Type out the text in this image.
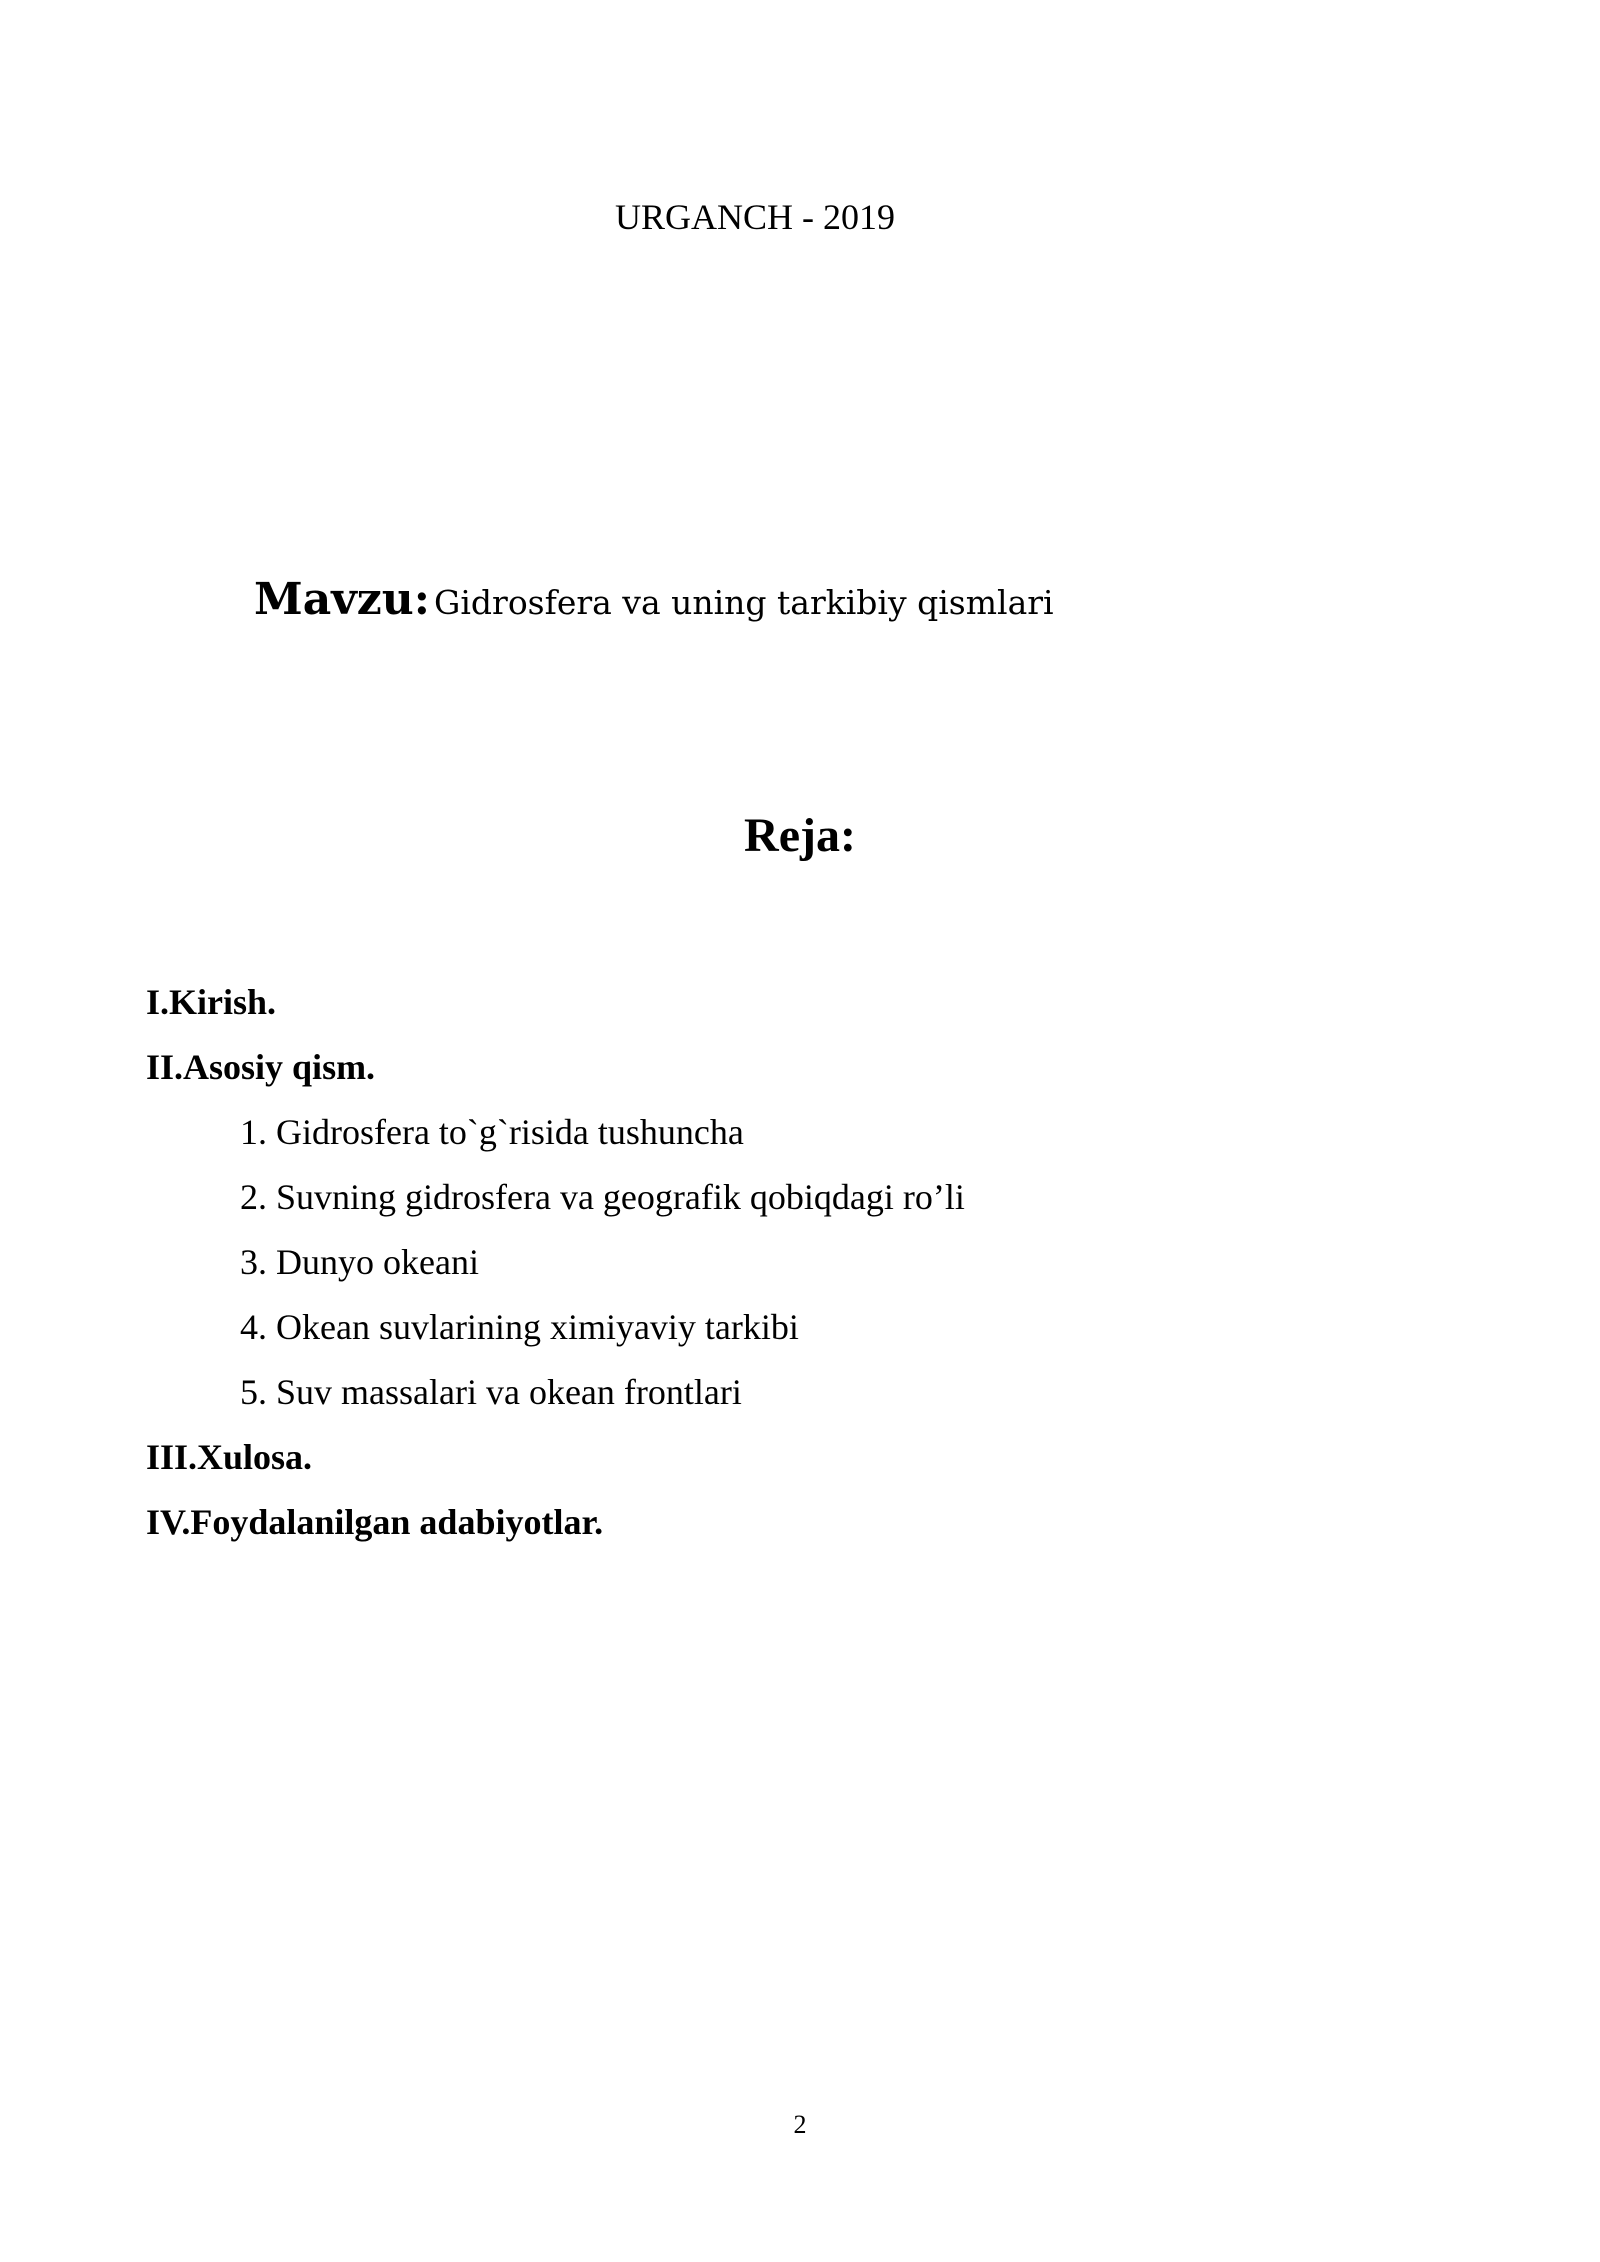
URGANCH - 2019
Mavzu: Gidrosfera va uning tarkibiy qismlari
Reja:
I.Kirish.
II.Asosiy qism.
1. Gidrosfera to`g`risida tushuncha
2. Suvning gidrosfera va geografik qobiqdagi ro’li
3. Dunyo okeani
4. Okean suvlarining ximiyaviy tarkibi
5. Suv massalari va okean frontlari
III.Xulosa.
IV.Foydalanilgan adabiyotlar.
2
